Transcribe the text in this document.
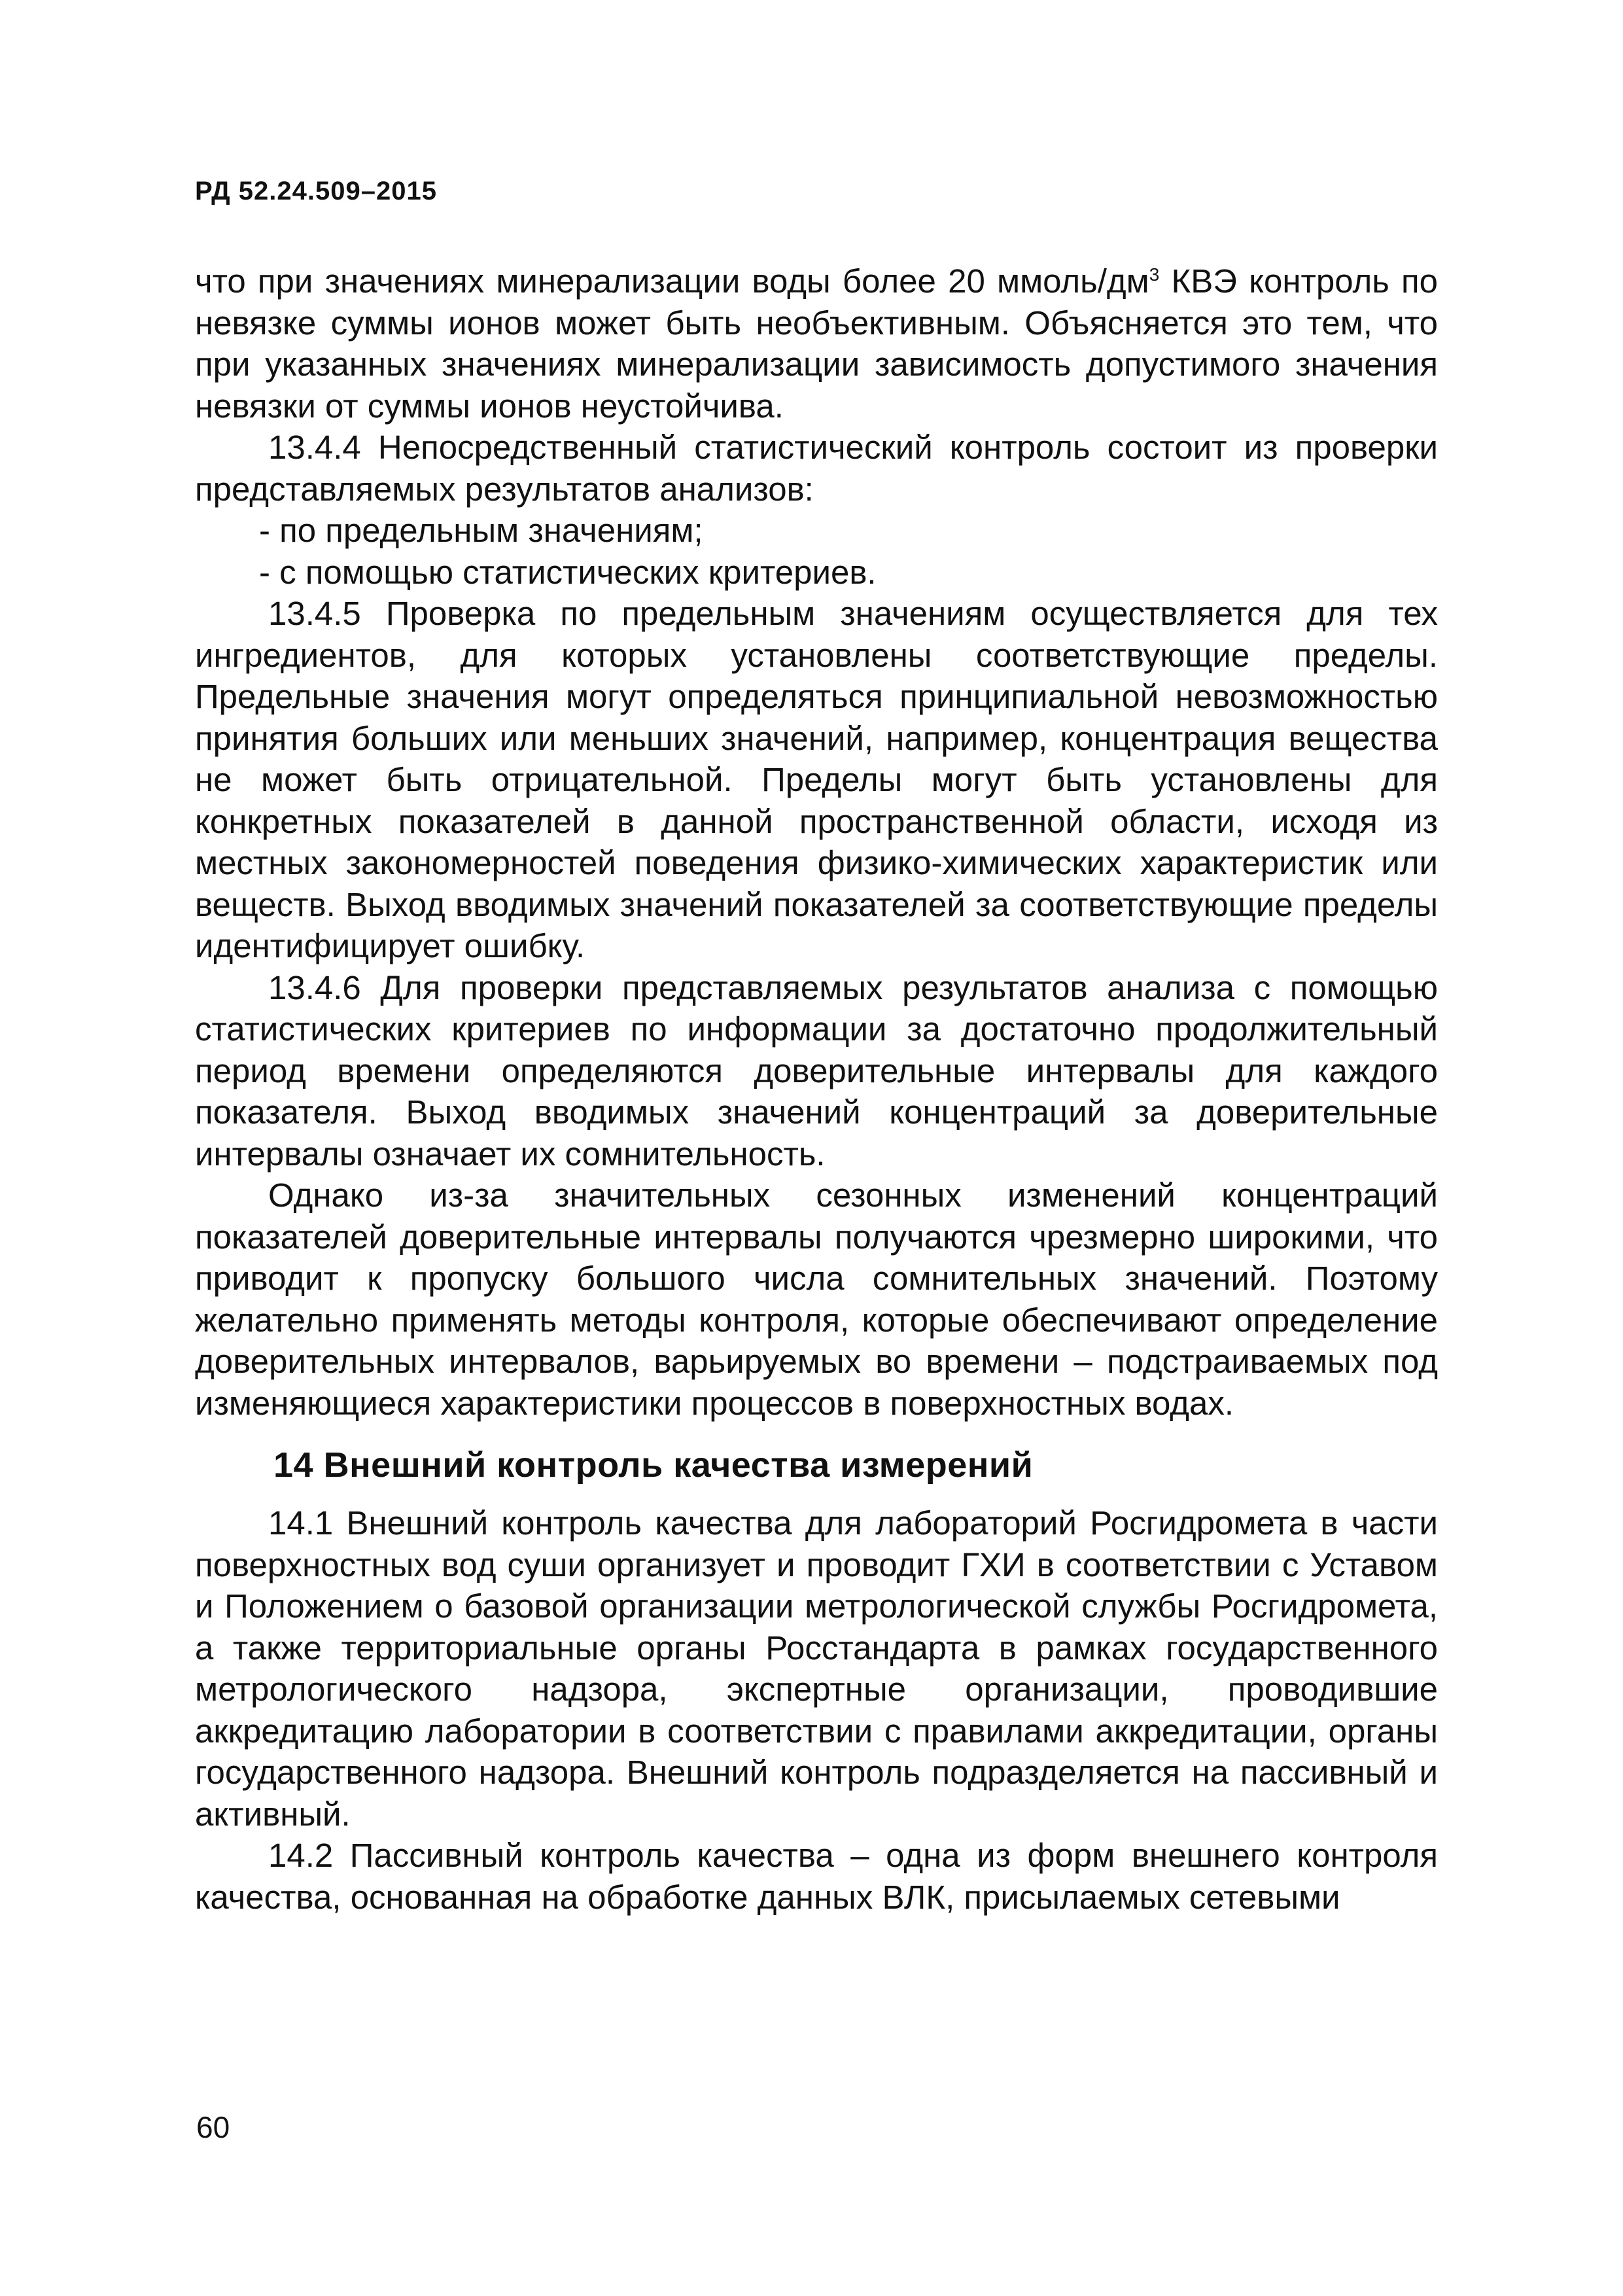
РД 52.24.509–2015

что при значениях минерализации воды более 20 ммоль/$дм^3$ КВЭ контроль по невязке суммы ионов может быть необъективным. Объясняется это тем, что при указанных значениях минерализации зависимость допустимого значения невязки от суммы ионов неустойчива.

13.4.4 Непосредственный статистический контроль состоит из проверки представляемых результатов анализов:

- по предельным значениям;

- с помощью статистических критериев.

13.4.5 Проверка по предельным значениям осуществляется для тех ингредиентов, для которых установлены соответствующие пределы. Предельные значения могут определяться принципиальной невозможностью принятия больших или меньших значений, например, концентрация вещества не может быть отрицательной. Пределы могут быть установлены для конкретных показателей в данной пространственной области, исходя из местных закономерностей поведения физико-химических характеристик или веществ. Выход вводимых значений показателей за соответствующие пределы идентифицирует ошибку.

13.4.6 Для проверки представляемых результатов анализа с помощью статистических критериев по информации за достаточно продолжительный период времени определяются доверительные интервалы для каждого показателя. Выход вводимых значений концентраций за доверительные интервалы означает их сомнительность.

Однако из-за значительных сезонных изменений концентраций показателей доверительные интервалы получаются чрезмерно широкими, что приводит к пропуску большого числа сомнительных значений. Поэтому желательно применять методы контроля, которые обеспечивают определение доверительных интервалов, варьируемых во времени – подстраиваемых под изменяющиеся характеристики процессов в поверхностных водах.

14 Внешний контроль качества измерений

14.1 Внешний контроль качества для лабораторий Росгидромета в части поверхностных вод суши организует и проводит ГХИ в соответствии с Уставом и Положением о базовой организации метрологической службы Росгидромета, а также территориальные органы Росстандарта в рамках государственного метрологического надзора, экспертные организации, проводившие аккредитацию лаборатории в соответствии с правилами аккредитации, органы государственного надзора. Внешний контроль подразделяется на пассивный и активный.

14.2 Пассивный контроль качества – одна из форм внешнего контроля качества, основанная на обработке данных ВЛК, присылаемых сетевыми

60
